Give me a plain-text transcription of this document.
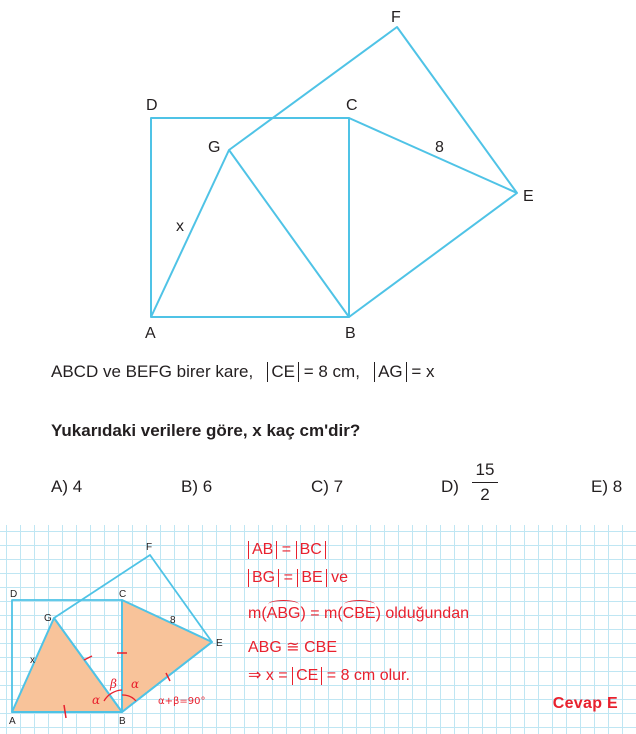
D	C
F
G
E
A	B
x
8
ABCD ve BEFG birer kare, CE = 8 cm, AG = x
Yukarıdaki verilere göre, x kaç cm'dir?
A) 4	B) 6	C) 7	D)
15
2	E) 8
D	C
F
G
E
A	B
x
8
α
β α
α+β=90°
AB = BC
BG = BE ve
m(ABG) = m(CBE) olduğundan
ABG ≅ CBE
⇒ x = CE = 8 cm olur.
Cevap E
